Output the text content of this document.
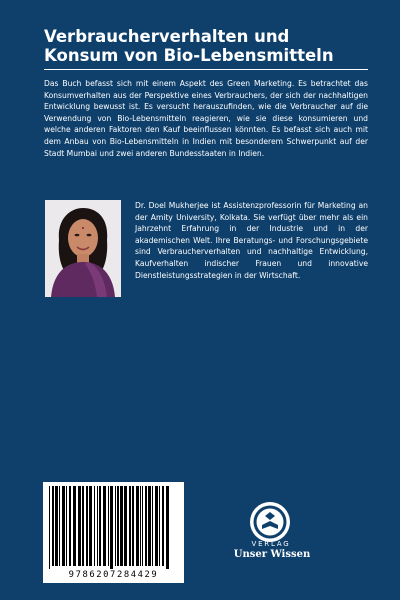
Verbraucherverhalten und
Konsum von Bio-Lebensmitteln
Das Buch befasst sich mit einem Aspekt des Green Marketing. Es betrachtet das Konsumverhalten aus der Perspektive eines Verbrauchers, der sich der nachhaltigen Entwicklung bewusst ist. Es versucht herauszufinden, wie die Verbraucher auf die Verwendung von Bio-Lebensmitteln reagieren, wie sie diese konsumieren und welche anderen Faktoren den Kauf beeinflussen könnten. Es befasst sich auch mit dem Anbau von Bio-Lebensmitteln in Indien mit besonderem Schwerpunkt auf der Stadt Mumbai und zwei anderen Bundesstaaten in Indien.
Dr. Doel Mukherjee ist Assistenzprofessorin für Marketing an der Amity University, Kolkata. Sie verfügt über mehr als ein Jahrzehnt Erfahrung in der Industrie und in der akademischen Welt. Ihre Beratungs- und Forschungsgebiete sind Verbraucherverhalten und nachhaltige Entwicklung, Kaufverhalten indischer Frauen und innovative Dienstleistungsstrategien in der Wirtschaft.
9786207284429
VERLAG
Unser Wissen
